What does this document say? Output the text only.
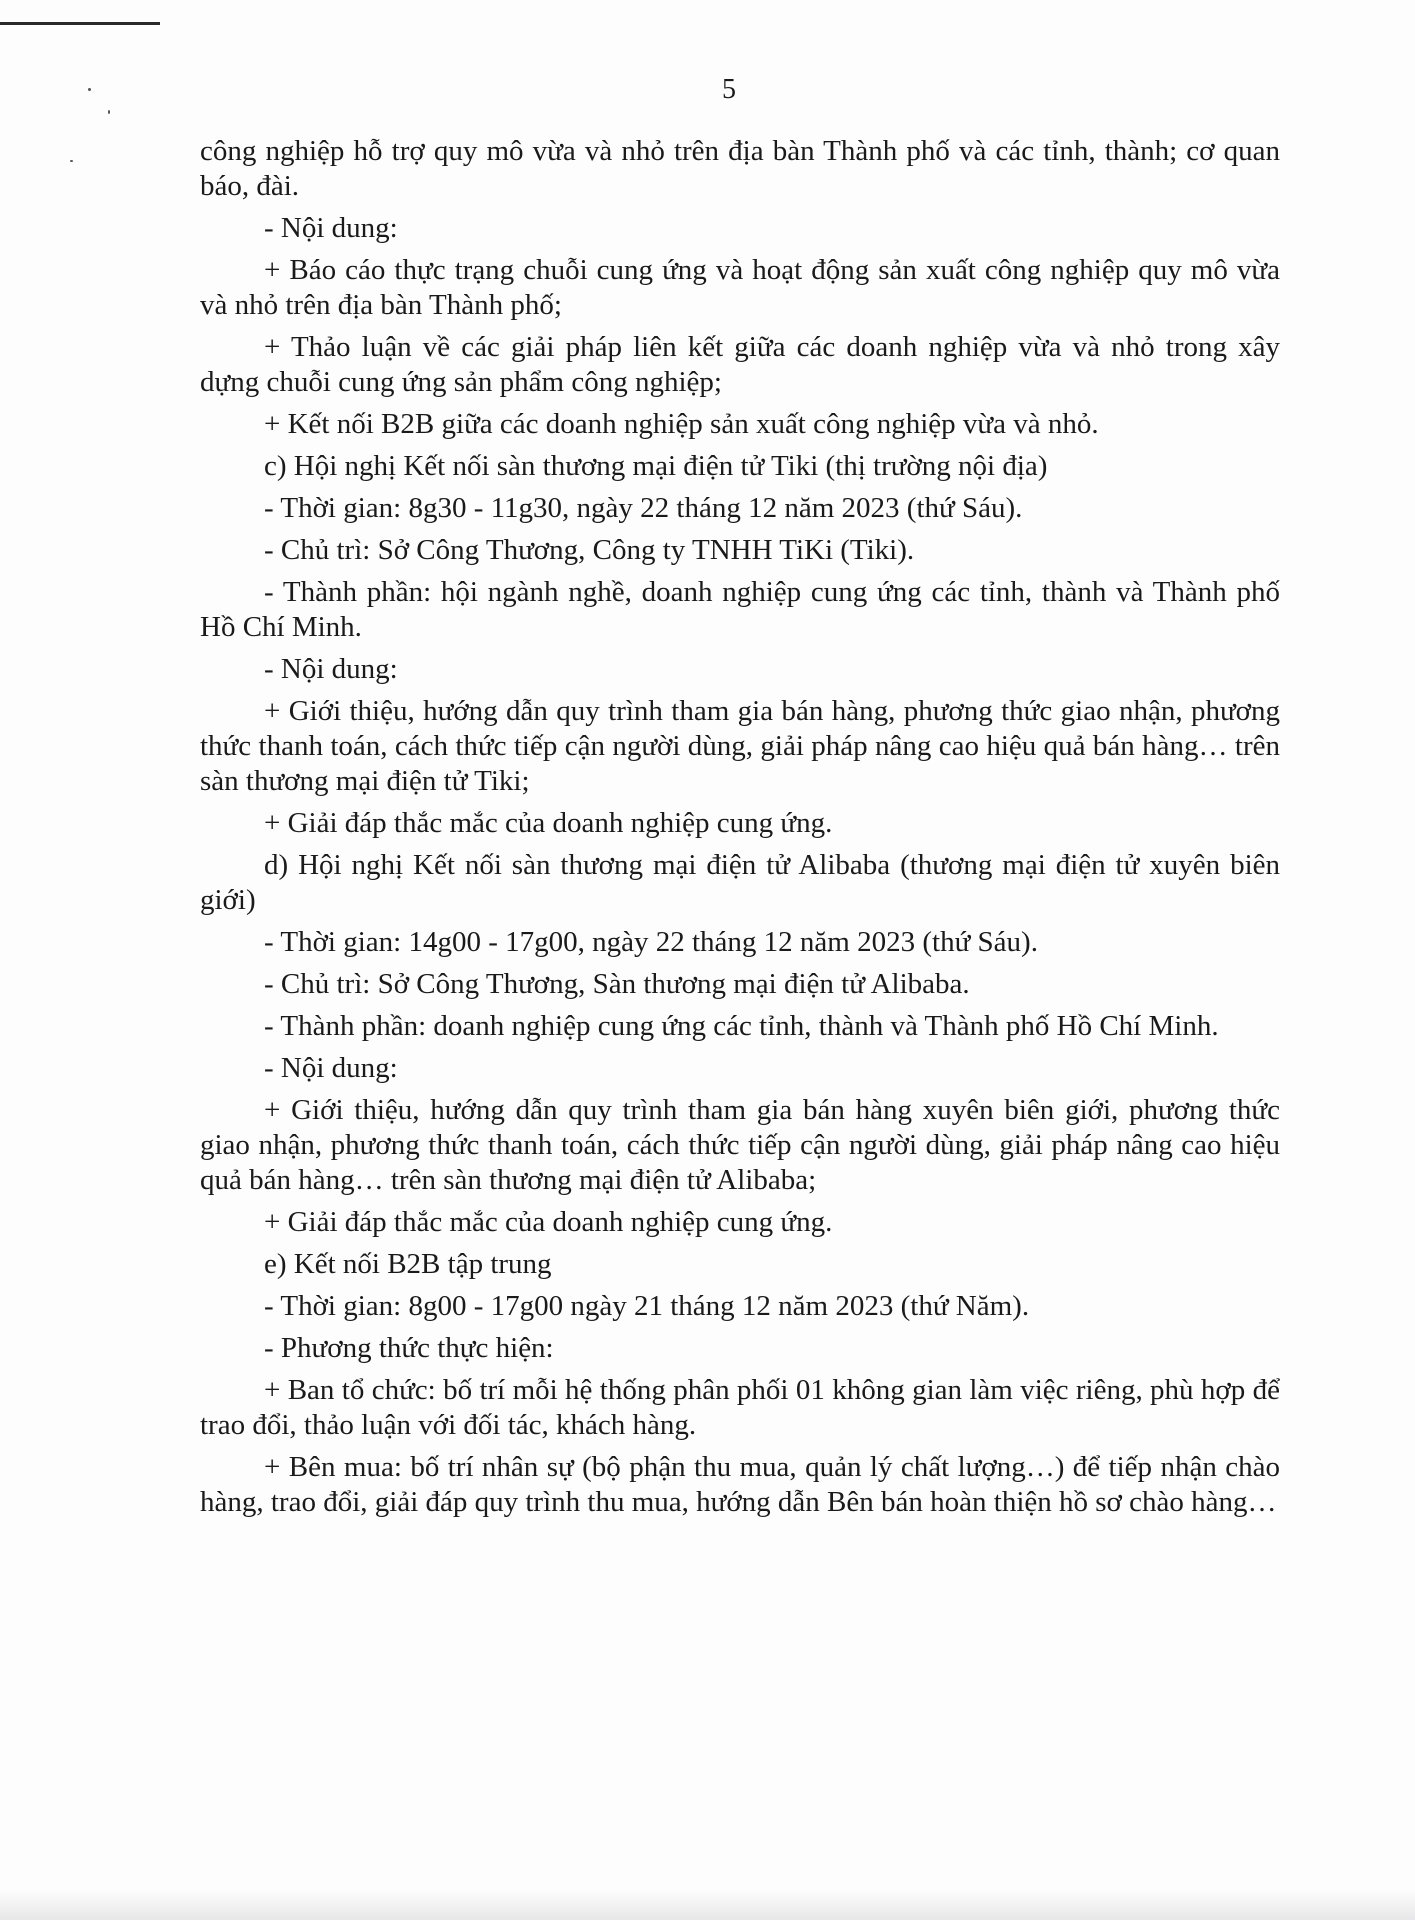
5

công nghiệp hỗ trợ quy mô vừa và nhỏ trên địa bàn Thành phố và các tỉnh, thành; cơ quan báo, đài.

- Nội dung:

+ Báo cáo thực trạng chuỗi cung ứng và hoạt động sản xuất công nghiệp quy mô vừa và nhỏ trên địa bàn Thành phố;

+ Thảo luận về các giải pháp liên kết giữa các doanh nghiệp vừa và nhỏ trong xây dựng chuỗi cung ứng sản phẩm công nghiệp;

+ Kết nối B2B giữa các doanh nghiệp sản xuất công nghiệp vừa và nhỏ.

c) Hội nghị Kết nối sàn thương mại điện tử Tiki (thị trường nội địa)

- Thời gian: 8g30 - 11g30, ngày 22 tháng 12 năm 2023 (thứ Sáu).

- Chủ trì: Sở Công Thương, Công ty TNHH TiKi (Tiki).

- Thành phần: hội ngành nghề, doanh nghiệp cung ứng các tỉnh, thành và Thành phố Hồ Chí Minh.

- Nội dung:

+ Giới thiệu, hướng dẫn quy trình tham gia bán hàng, phương thức giao nhận, phương thức thanh toán, cách thức tiếp cận người dùng, giải pháp nâng cao hiệu quả bán hàng… trên sàn thương mại điện tử Tiki;

+ Giải đáp thắc mắc của doanh nghiệp cung ứng.

d) Hội nghị Kết nối sàn thương mại điện tử Alibaba (thương mại điện tử xuyên biên giới)

- Thời gian: 14g00 - 17g00, ngày 22 tháng 12 năm 2023 (thứ Sáu).

- Chủ trì: Sở Công Thương, Sàn thương mại điện tử Alibaba.

- Thành phần: doanh nghiệp cung ứng các tỉnh, thành và Thành phố Hồ Chí Minh.

- Nội dung:

+ Giới thiệu, hướng dẫn quy trình tham gia bán hàng xuyên biên giới, phương thức giao nhận, phương thức thanh toán, cách thức tiếp cận người dùng, giải pháp nâng cao hiệu quả bán hàng… trên sàn thương mại điện tử Alibaba;

+ Giải đáp thắc mắc của doanh nghiệp cung ứng.

e) Kết nối B2B tập trung

- Thời gian: 8g00 - 17g00 ngày 21 tháng 12 năm 2023 (thứ Năm).

- Phương thức thực hiện:

+ Ban tổ chức: bố trí mỗi hệ thống phân phối 01 không gian làm việc riêng, phù hợp để trao đổi, thảo luận với đối tác, khách hàng.

+ Bên mua: bố trí nhân sự (bộ phận thu mua, quản lý chất lượng…) để tiếp nhận chào hàng, trao đổi, giải đáp quy trình thu mua, hướng dẫn Bên bán hoàn thiện hồ sơ chào hàng…
